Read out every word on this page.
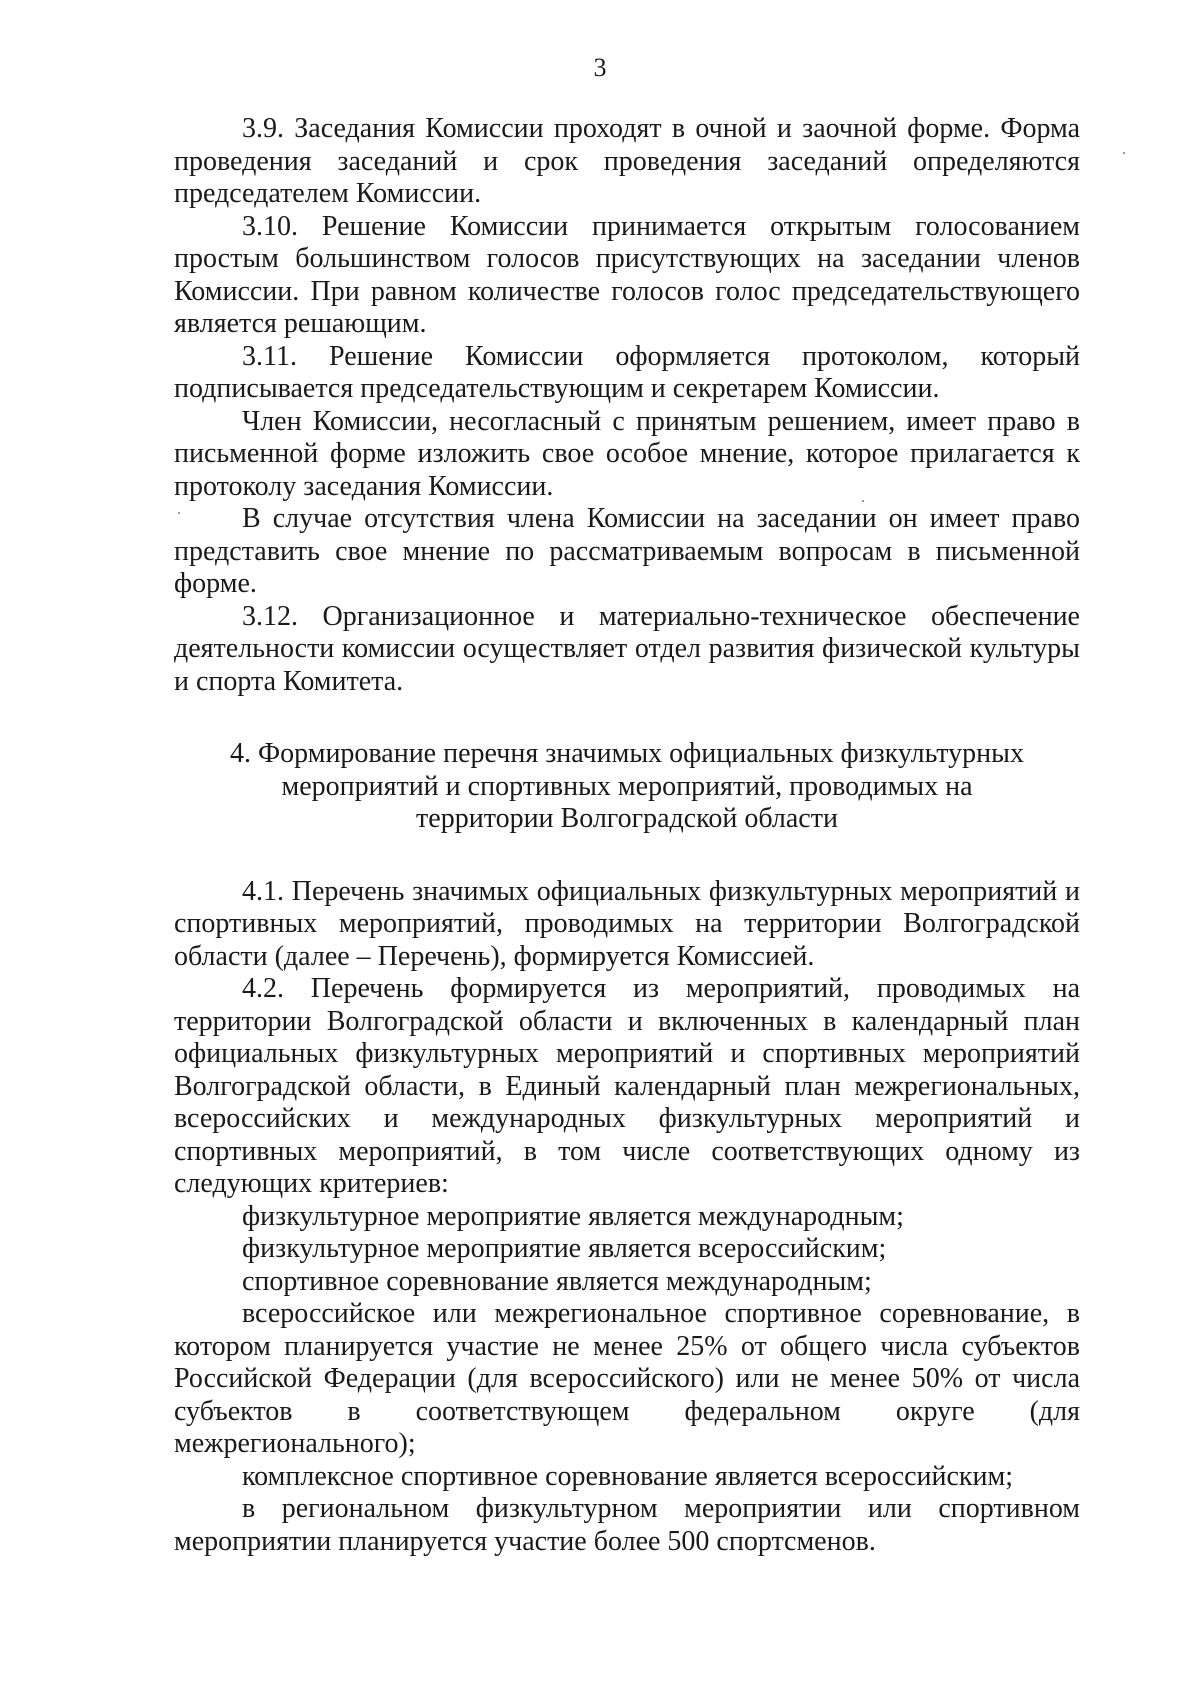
3

3.9. Заседания Комиссии проходят в очной и заочной форме. Форма проведения заседаний и срок проведения заседаний определяются председателем Комиссии.

3.10. Решение Комиссии принимается открытым голосованием простым большинством голосов присутствующих на заседании членов Комиссии. При равном количестве голосов голос председательствующего является решающим.

3.11. Решение Комиссии оформляется протоколом, который подписывается председательствующим и секретарем Комиссии.

Член Комиссии, несогласный с принятым решением, имеет право в письменной форме изложить свое особое мнение, которое прилагается к протоколу заседания Комиссии.

В случае отсутствия члена Комиссии на заседании он имеет право представить свое мнение по рассматриваемым вопросам в письменной форме.

3.12. Организационное и материально-техническое обеспечение деятельности комиссии осуществляет отдел развития физической культуры и спорта Комитета.

4. Формирование перечня значимых официальных физкультурных
мероприятий и спортивных мероприятий, проводимых на
территории Волгоградской области

4.1. Перечень значимых официальных физкультурных мероприятий и спортивных мероприятий, проводимых на территории Волгоградской области (далее – Перечень), формируется Комиссией.

4.2. Перечень формируется из мероприятий, проводимых на территории Волгоградской области и включенных в календарный план официальных физкультурных мероприятий и спортивных мероприятий Волгоградской области, в Единый календарный план межрегиональных, всероссийских и международных физкультурных мероприятий и спортивных мероприятий, в том числе соответствующих одному из следующих критериев:

физкультурное мероприятие является международным;

физкультурное мероприятие является всероссийским;

спортивное соревнование является международным;

всероссийское или межрегиональное спортивное соревнование, в котором планируется участие не менее 25% от общего числа субъектов Российской Федерации (для всероссийского) или не менее 50% от числа субъектов в соответствующем федеральном округе (для межрегионального);

комплексное спортивное соревнование является всероссийским;

в региональном физкультурном мероприятии или спортивном мероприятии планируется участие более 500 спортсменов.
